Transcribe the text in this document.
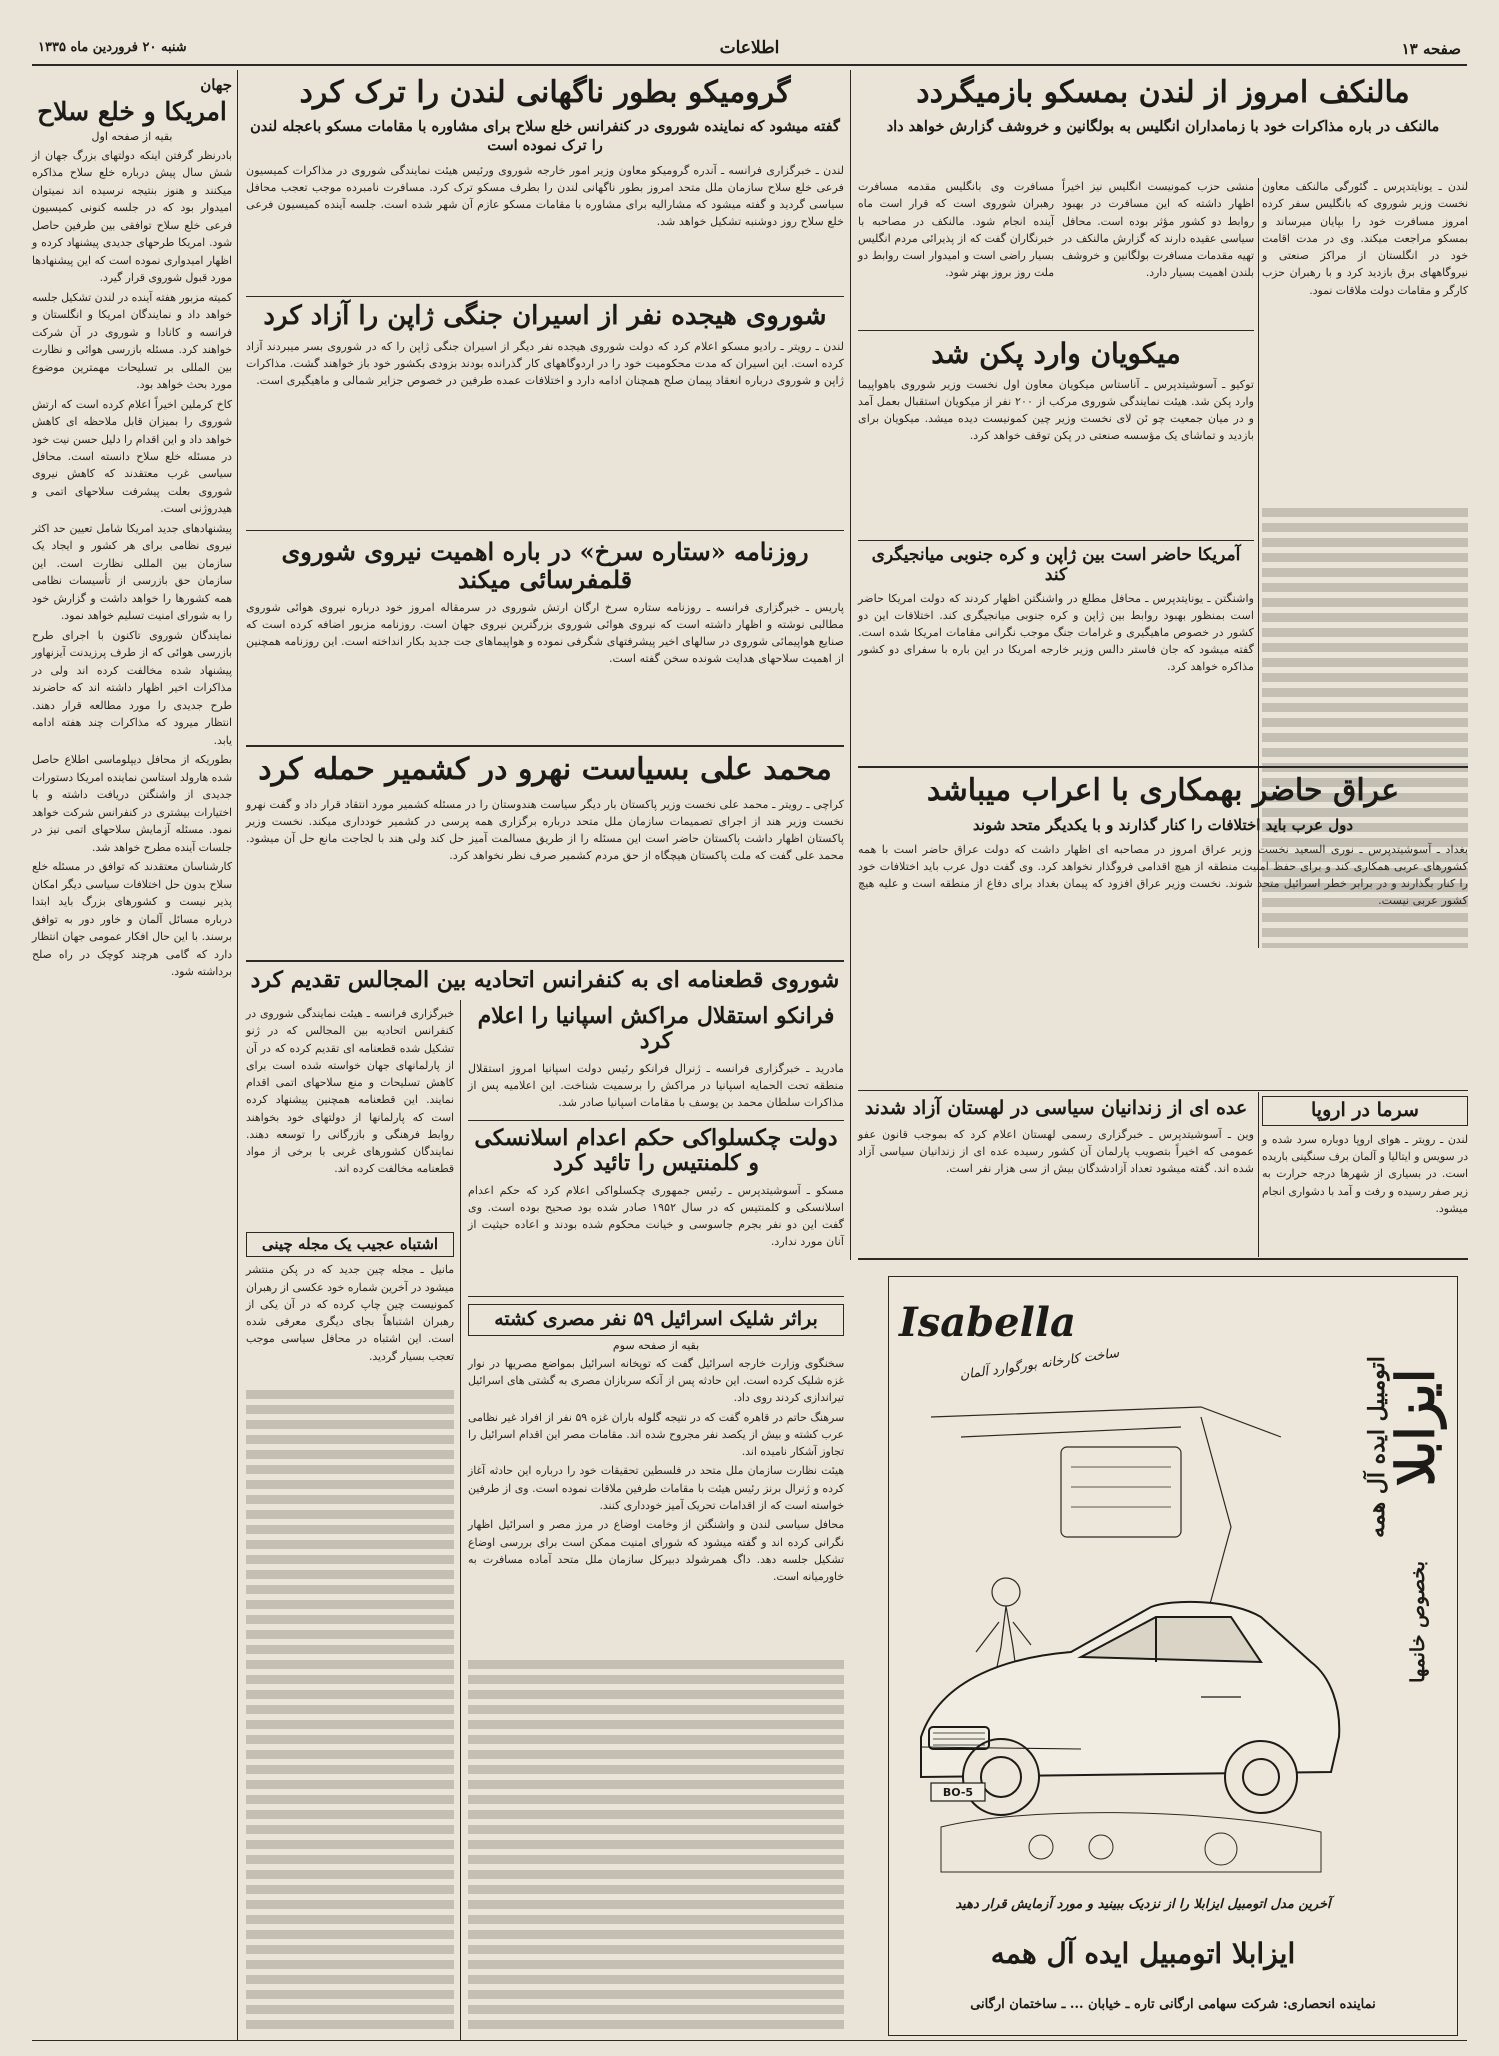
صفحه ۱۳
اطلاعات
شنبه ۲۰ فروردین ماه ۱۳۳۵
جهان
امریکا و خلع سلاح
بقیه از صفحه اول

بادرنظر گرفتن اینکه دولتهای بزرگ جهان از شش سال پیش درباره خلع سلاح مذاکره میکنند و هنوز بنتیجه نرسیده اند نمیتوان امیدوار بود که در جلسه کنونی کمیسیون فرعی خلع سلاح توافقی بین طرفین حاصل شود. امریکا طرحهای جدیدی پیشنهاد کرده و اظهار امیدواری نموده است که این پیشنهادها مورد قبول شوروی قرار گیرد.

کمیته مزبور هفته آینده در لندن تشکیل جلسه خواهد داد و نمایندگان امریکا و انگلستان و فرانسه و کانادا و شوروی در آن شرکت خواهند کرد. مسئله بازرسی هوائی و نظارت بین المللی بر تسلیحات مهمترین موضوع مورد بحث خواهد بود.

کاخ کرملین اخیراً اعلام کرده است که ارتش شوروی را بمیزان قابل ملاحظه ای کاهش خواهد داد و این اقدام را دلیل حسن نیت خود در مسئله خلع سلاح دانسته است. محافل سیاسی غرب معتقدند که کاهش نیروی شوروی بعلت پیشرفت سلاحهای اتمی و هیدروژنی است.

پیشنهادهای جدید امریکا شامل تعیین حد اکثر نیروی نظامی برای هر کشور و ایجاد یک سازمان بین المللی نظارت است. این سازمان حق بازرسی از تأسیسات نظامی همه کشورها را خواهد داشت و گزارش خود را به شورای امنیت تسلیم خواهد نمود.

نمایندگان شوروی تاکنون با اجرای طرح بازرسی هوائی که از طرف پرزیدنت آیزنهاور پیشنهاد شده مخالفت کرده اند ولی در مذاکرات اخیر اظهار داشته اند که حاضرند طرح جدیدی را مورد مطالعه قرار دهند. انتظار میرود که مذاکرات چند هفته ادامه یابد.

بطوریکه از محافل دیپلوماسی اطلاع حاصل شده هارولد استاسن نماینده امریکا دستورات جدیدی از واشنگتن دریافت داشته و با اختیارات بیشتری در کنفرانس شرکت خواهد نمود. مسئله آزمایش سلاحهای اتمی نیز در جلسات آینده مطرح خواهد شد.

کارشناسان معتقدند که توافق در مسئله خلع سلاح بدون حل اختلافات سیاسی دیگر امکان پذیر نیست و کشورهای بزرگ باید ابتدا درباره مسائل آلمان و خاور دور به توافق برسند. با این حال افکار عمومی جهان انتظار دارد که گامی هرچند کوچک در راه صلح برداشته شود.

گرومیکو بطور ناگهانی لندن را ترک کرد
گفته میشود که نماینده شوروی در کنفرانس خلع سلاح برای مشاوره با مقامات مسکو باعجله لندن را ترک نموده است
لندن ـ خبرگزاری فرانسه ـ آندره گرومیکو معاون وزیر امور خارجه شوروی ورئیس هیئت نمایندگی شوروی در مذاکرات کمیسیون فرعی خلع سلاح سازمان ملل متحد امروز بطور ناگهانی لندن را بطرف مسکو ترک کرد. مسافرت نامبرده موجب تعجب محافل سیاسی گردید و گفته میشود که مشارالیه برای مشاوره با مقامات مسکو عازم آن شهر شده است. جلسه آینده کمیسیون فرعی خلع سلاح روز دوشنبه تشکیل خواهد شد.
شوروی هیجده نفر از اسیران جنگی ژاپن را آزاد کرد
لندن ـ رویتر ـ رادیو مسکو اعلام کرد که دولت شوروی هیجده نفر دیگر از اسیران جنگی ژاپن را که در شوروی بسر میبردند آزاد کرده است. این اسیران که مدت محکومیت خود را در اردوگاههای کار گذرانده بودند بزودی بکشور خود باز خواهند گشت. مذاکرات ژاپن و شوروی درباره انعقاد پیمان صلح همچنان ادامه دارد و اختلافات عمده طرفین در خصوص جزایر شمالی و ماهیگیری است.
روزنامه «ستاره سرخ» در باره اهمیت نیروی شوروی قلمفرسائی میکند
پاریس ـ خبرگزاری فرانسه ـ روزنامه ستاره سرخ ارگان ارتش شوروی در سرمقاله امروز خود درباره نیروی هوائی شوروی مطالبی نوشته و اظهار داشته است که نیروی هوائی شوروی بزرگترین نیروی جهان است. روزنامه مزبور اضافه کرده است که صنایع هواپیمائی شوروی در سالهای اخیر پیشرفتهای شگرفی نموده و هواپیماهای جت جدید بکار انداخته است. این روزنامه همچنین از اهمیت سلاحهای هدایت شونده سخن گفته است.
محمد علی بسیاست نهرو در کشمیر حمله کرد
کراچی ـ رویتر ـ محمد علی نخست وزیر پاکستان بار دیگر سیاست هندوستان را در مسئله کشمیر مورد انتقاد قرار داد و گفت نهرو نخست وزیر هند از اجرای تصمیمات سازمان ملل متحد درباره برگزاری همه پرسی در کشمیر خودداری میکند. نخست وزیر پاکستان اظهار داشت پاکستان حاضر است این مسئله را از طریق مسالمت آمیز حل کند ولی هند با لجاجت مانع حل آن میشود. محمد علی گفت که ملت پاکستان هیچگاه از حق مردم کشمیر صرف نظر نخواهد کرد.
شوروی قطعنامه ای به کنفرانس اتحادیه بین المجالس تقدیم کرد
خبرگزاری فرانسه ـ هیئت نمایندگی شوروی در کنفرانس اتحادیه بین المجالس که در ژنو تشکیل شده قطعنامه ای تقدیم کرده که در آن از پارلمانهای جهان خواسته شده است برای کاهش تسلیحات و منع سلاحهای اتمی اقدام نمایند. این قطعنامه همچنین پیشنهاد کرده است که پارلمانها از دولتهای خود بخواهند روابط فرهنگی و بازرگانی را توسعه دهند. نمایندگان کشورهای غربی با برخی از مواد قطعنامه مخالفت کرده اند.
فرانکو استقلال مراکش اسپانیا را اعلام کرد
مادرید ـ خبرگزاری فرانسه ـ ژنرال فرانکو رئیس دولت اسپانیا امروز استقلال منطقه تحت الحمایه اسپانیا در مراکش را برسمیت شناخت. این اعلامیه پس از مذاکرات سلطان محمد بن یوسف با مقامات اسپانیا صادر شد.
دولت چکسلواکی حکم اعدام اسلانسکی و کلمنتیس را تائید کرد
مسکو ـ آسوشیتدپرس ـ رئیس جمهوری چکسلواکی اعلام کرد که حکم اعدام اسلانسکی و کلمنتیس که در سال ۱۹۵۲ صادر شده بود صحیح بوده است. وی گفت این دو نفر بجرم جاسوسی و خیانت محکوم شده بودند و اعاده حیثیت از آنان مورد ندارد.
اشتباه عجیب یک مجله چینی
مانیل ـ مجله چین جدید که در پکن منتشر میشود در آخرین شماره خود عکسی از رهبران کمونیست چین چاپ کرده که در آن یکی از رهبران اشتباهاً بجای دیگری معرفی شده است. این اشتباه در محافل سیاسی موجب تعجب بسیار گردید.
براثر شلیک اسرائیل ۵۹ نفر مصری کشته
بقیه از صفحه سوم

سخنگوی وزارت خارجه اسرائیل گفت که توپخانه اسرائیل بمواضع مصریها در نوار غزه شلیک کرده است. این حادثه پس از آنکه سربازان مصری به گشتی های اسرائیل تیراندازی کردند روی داد.

سرهنگ حاتم در قاهره گفت که در نتیجه گلوله باران غزه ۵۹ نفر از افراد غیر نظامی عرب کشته و بیش از یکصد نفر مجروح شده اند. مقامات مصر این اقدام اسرائیل را تجاوز آشکار نامیده اند.

هیئت نظارت سازمان ملل متحد در فلسطین تحقیقات خود را درباره این حادثه آغاز کرده و ژنرال برنز رئیس هیئت با مقامات طرفین ملاقات نموده است. وی از طرفین خواسته است که از اقدامات تحریک آمیز خودداری کنند.

محافل سیاسی لندن و واشنگتن از وخامت اوضاع در مرز مصر و اسرائیل اظهار نگرانی کرده اند و گفته میشود که شورای امنیت ممکن است برای بررسی اوضاع تشکیل جلسه دهد. داگ همرشولد دبیرکل سازمان ملل متحد آماده مسافرت به خاورمیانه است.

مالنکف امروز از لندن بمسکو بازمیگردد
مالنکف در باره مذاکرات خود با زمامداران انگلیس به بولگانین و خروشف گزارش خواهد داد
لندن ـ یونایتدپرس ـ گئورگی مالنکف معاون نخست وزیر شوروی که بانگلیس سفر کرده امروز مسافرت خود را بپایان میرساند و بمسکو مراجعت میکند. وی در مدت اقامت خود در انگلستان از مراکز صنعتی و نیروگاههای برق بازدید کرد و با رهبران حزب کارگر و مقامات دولت ملاقات نمود.
منشی حزب کمونیست انگلیس نیز اخیراً اظهار داشته که این مسافرت در بهبود روابط دو کشور مؤثر بوده است. محافل سیاسی عقیده دارند که گزارش مالنکف در تهیه مقدمات مسافرت بولگانین و خروشف بلندن اهمیت بسیار دارد.
مسافرت وی بانگلیس مقدمه مسافرت رهبران شوروی است که قرار است ماه آینده انجام شود. مالنکف در مصاحبه با خبرنگاران گفت که از پذیرائی مردم انگلیس بسیار راضی است و امیدوار است روابط دو ملت روز بروز بهتر شود.
میکویان وارد پکن شد
توکیو ـ آسوشیتدپرس ـ آناستاس میکویان معاون اول نخست وزیر شوروی باهواپیما وارد پکن شد. هیئت نمایندگی شوروی مرکب از ۲۰۰ نفر از میکویان استقبال بعمل آمد و در میان جمعیت چو ئن لای نخست وزیر چین کمونیست دیده میشد. میکویان برای بازدید و تماشای یک مؤسسه صنعتی در پکن توقف خواهد کرد.
آمریکا حاضر است بین ژاپن و کره جنوبی میانجیگری کند
واشنگتن ـ یونایتدپرس ـ محافل مطلع در واشنگتن اظهار کردند که دولت امریکا حاضر است بمنظور بهبود روابط بین ژاپن و کره جنوبی میانجیگری کند. اختلافات این دو کشور در خصوص ماهیگیری و غرامات جنگ موجب نگرانی مقامات امریکا شده است. گفته میشود که جان فاستر دالس وزیر خارجه امریکا در این باره با سفرای دو کشور مذاکره خواهد کرد.
عراق حاضر بهمکاری با اعراب میباشد
دول عرب باید اختلافات را کنار گذارند و با یکدیگر متحد شوند
بغداد ـ آسوشیتدپرس ـ نوری السعید نخست وزیر عراق امروز در مصاحبه ای اظهار داشت که دولت عراق حاضر است با همه کشورهای عربی همکاری کند و برای حفظ امنیت منطقه از هیچ اقدامی فروگذار نخواهد کرد. وی گفت دول عرب باید اختلافات خود را کنار بگذارند و در برابر خطر اسرائیل متحد شوند. نخست وزیر عراق افزود که پیمان بغداد برای دفاع از منطقه است و علیه هیچ کشور عربی نیست.
سرما در اروپا
لندن ـ رویتر ـ هوای اروپا دوباره سرد شده و در سویس و ایتالیا و آلمان برف سنگینی باریده است. در بسیاری از شهرها درجه حرارت به زیر صفر رسیده و رفت و آمد با دشواری انجام میشود.
عده ای از زندانیان سیاسی در لهستان آزاد شدند
وین ـ آسوشیتدپرس ـ خبرگزاری رسمی لهستان اعلام کرد که بموجب قانون عفو عمومی که اخیراً بتصویب پارلمان آن کشور رسیده عده ای از زندانیان سیاسی آزاد شده اند. گفته میشود تعداد آزادشدگان بیش از سی هزار نفر است.
ایزابلا
اتومبیل ایده آل همه
بخصوص خانمها
Isabella
ساخت کارخانه بورگوارد آلمان
BO-5
آخرین مدل اتومبیل ایزابلا را از نزدیک ببینید و مورد آزمایش قرار دهید
ایزابلا اتومبیل ایده آل همه
نماینده انحصاری: شرکت سهامی ارگانی تاره ـ خیابان ... ـ ساختمان ارگانی
